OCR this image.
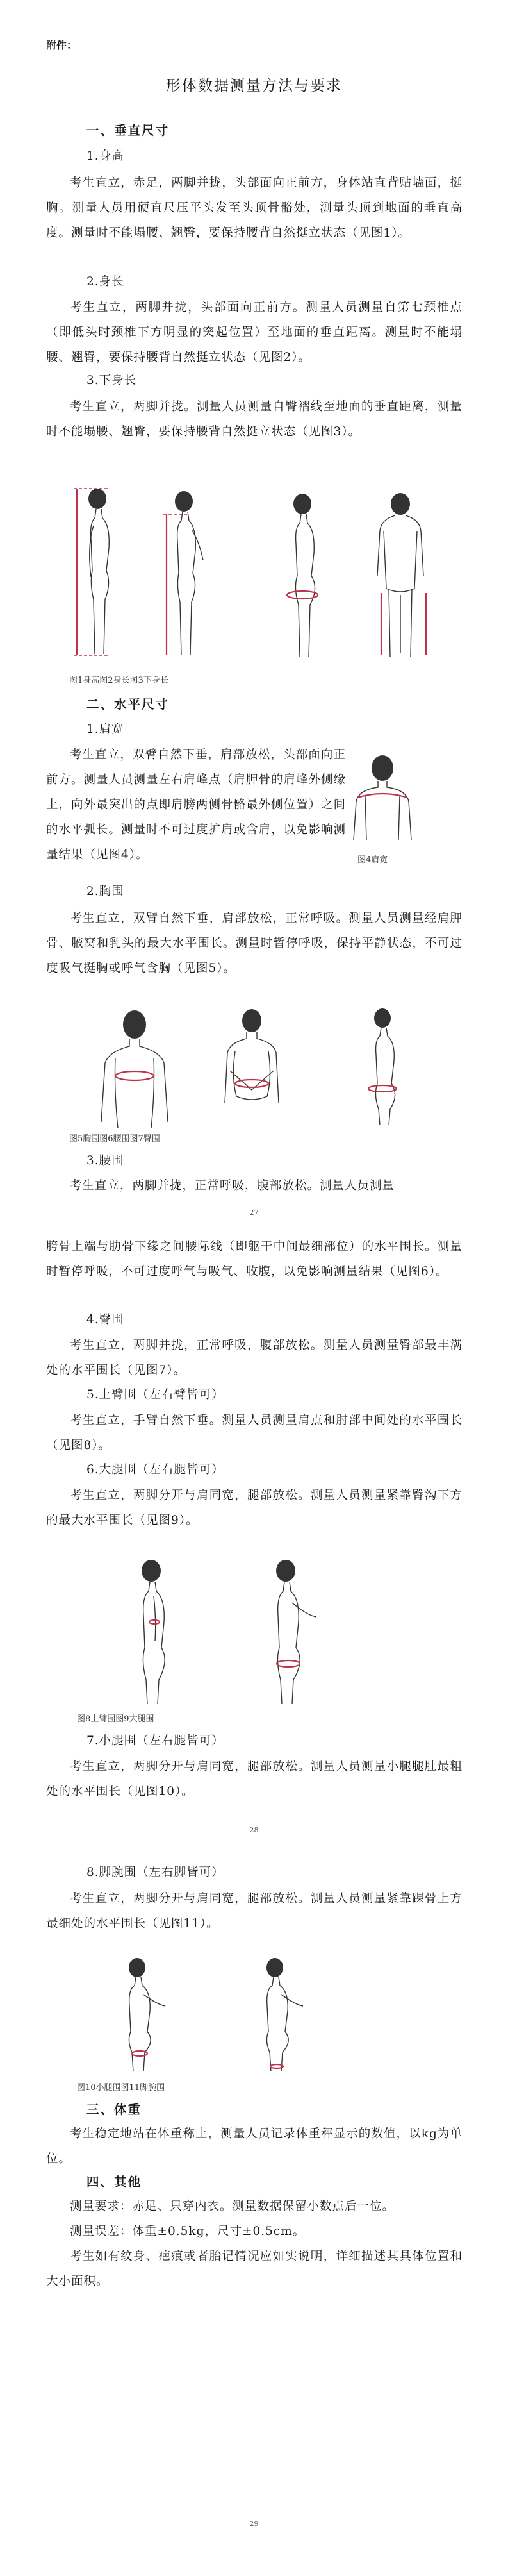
附件：
形体数据测量方法与要求
一、垂直尺寸
1.身高

考生直立，赤足，两脚并拢，头部面向正前方，身体站直背贴墙面，挺胸。测量人员用硬直尺压平头发至头顶骨骼处，测量头顶到地面的垂直高度。测量时不能塌腰、翘臀，要保持腰背自然挺立状态（见图1）。

2.身长

考生直立，两脚并拢，头部面向正前方。测量人员测量自第七颈椎点（即低头时颈椎下方明显的突起位置）至地面的垂直距离。测量时不能塌腰、翘臀，要保持腰背自然挺立状态（见图2）。

3.下身长

考生直立，两脚并拢。测量人员测量自臀褶线至地面的垂直距离，测量时不能塌腰、翘臀，要保持腰背自然挺立状态（见图3）。

图1身高图2身长图3下身长
二、水平尺寸
1.肩宽

考生直立，双臂自然下垂，肩部放松，头部面向正前方。测量人员测量左右肩峰点（肩胛骨的肩峰外侧缘上，向外最突出的点即肩膀两侧骨骼最外侧位置）之间的水平弧长。测量时不可过度扩肩或含肩，以免影响测量结果（见图4）。	图4肩宽
2.胸围

考生直立，双臂自然下垂，肩部放松，正常呼吸。测量人员测量经肩胛骨、腋窝和乳头的最大水平围长。测量时暂停呼吸，保持平静状态，不可过度吸气挺胸或呼气含胸（见图5）。

图5胸围图6腰围图7臀围
3.腰围

考生直立，两脚并拢，正常呼吸，腹部放松。测量人员测量

27

胯骨上端与肋骨下缘之间腰际线（即躯干中间最细部位）的水平围长。测量时暂停呼吸，不可过度呼气与吸气、收腹，以免影响测量结果（见图6）。

4.臀围

考生直立，两脚并拢，正常呼吸，腹部放松。测量人员测量臀部最丰满处的水平围长（见图7）。

5.上臂围（左右臂皆可）

考生直立，手臂自然下垂。测量人员测量肩点和肘部中间处的水平围长（见图8）。

6.大腿围（左右腿皆可）

考生直立，两脚分开与肩同宽，腿部放松。测量人员测量紧靠臀沟下方的最大水平围长（见图9）。

图8上臂围图9大腿围
7.小腿围（左右腿皆可）

考生直立，两脚分开与肩同宽，腿部放松。测量人员测量小腿腿肚最粗处的水平围长（见图10）。

28
8.脚腕围（左右脚皆可）

考生直立，两脚分开与肩同宽，腿部放松。测量人员测量紧靠踝骨上方最细处的水平围长（见图11）。

图10小腿围图11脚腕围
三、体重

考生稳定地站在体重称上，测量人员记录体重秤显示的数值，以kg为单位。

四、其他

测量要求：赤足、只穿内衣。测量数据保留小数点后一位。

测量误差：体重±0.5kg，尺寸±0.5cm。

考生如有纹身、疤痕或者胎记情况应如实说明，详细描述其具体位置和大小面积。

29
